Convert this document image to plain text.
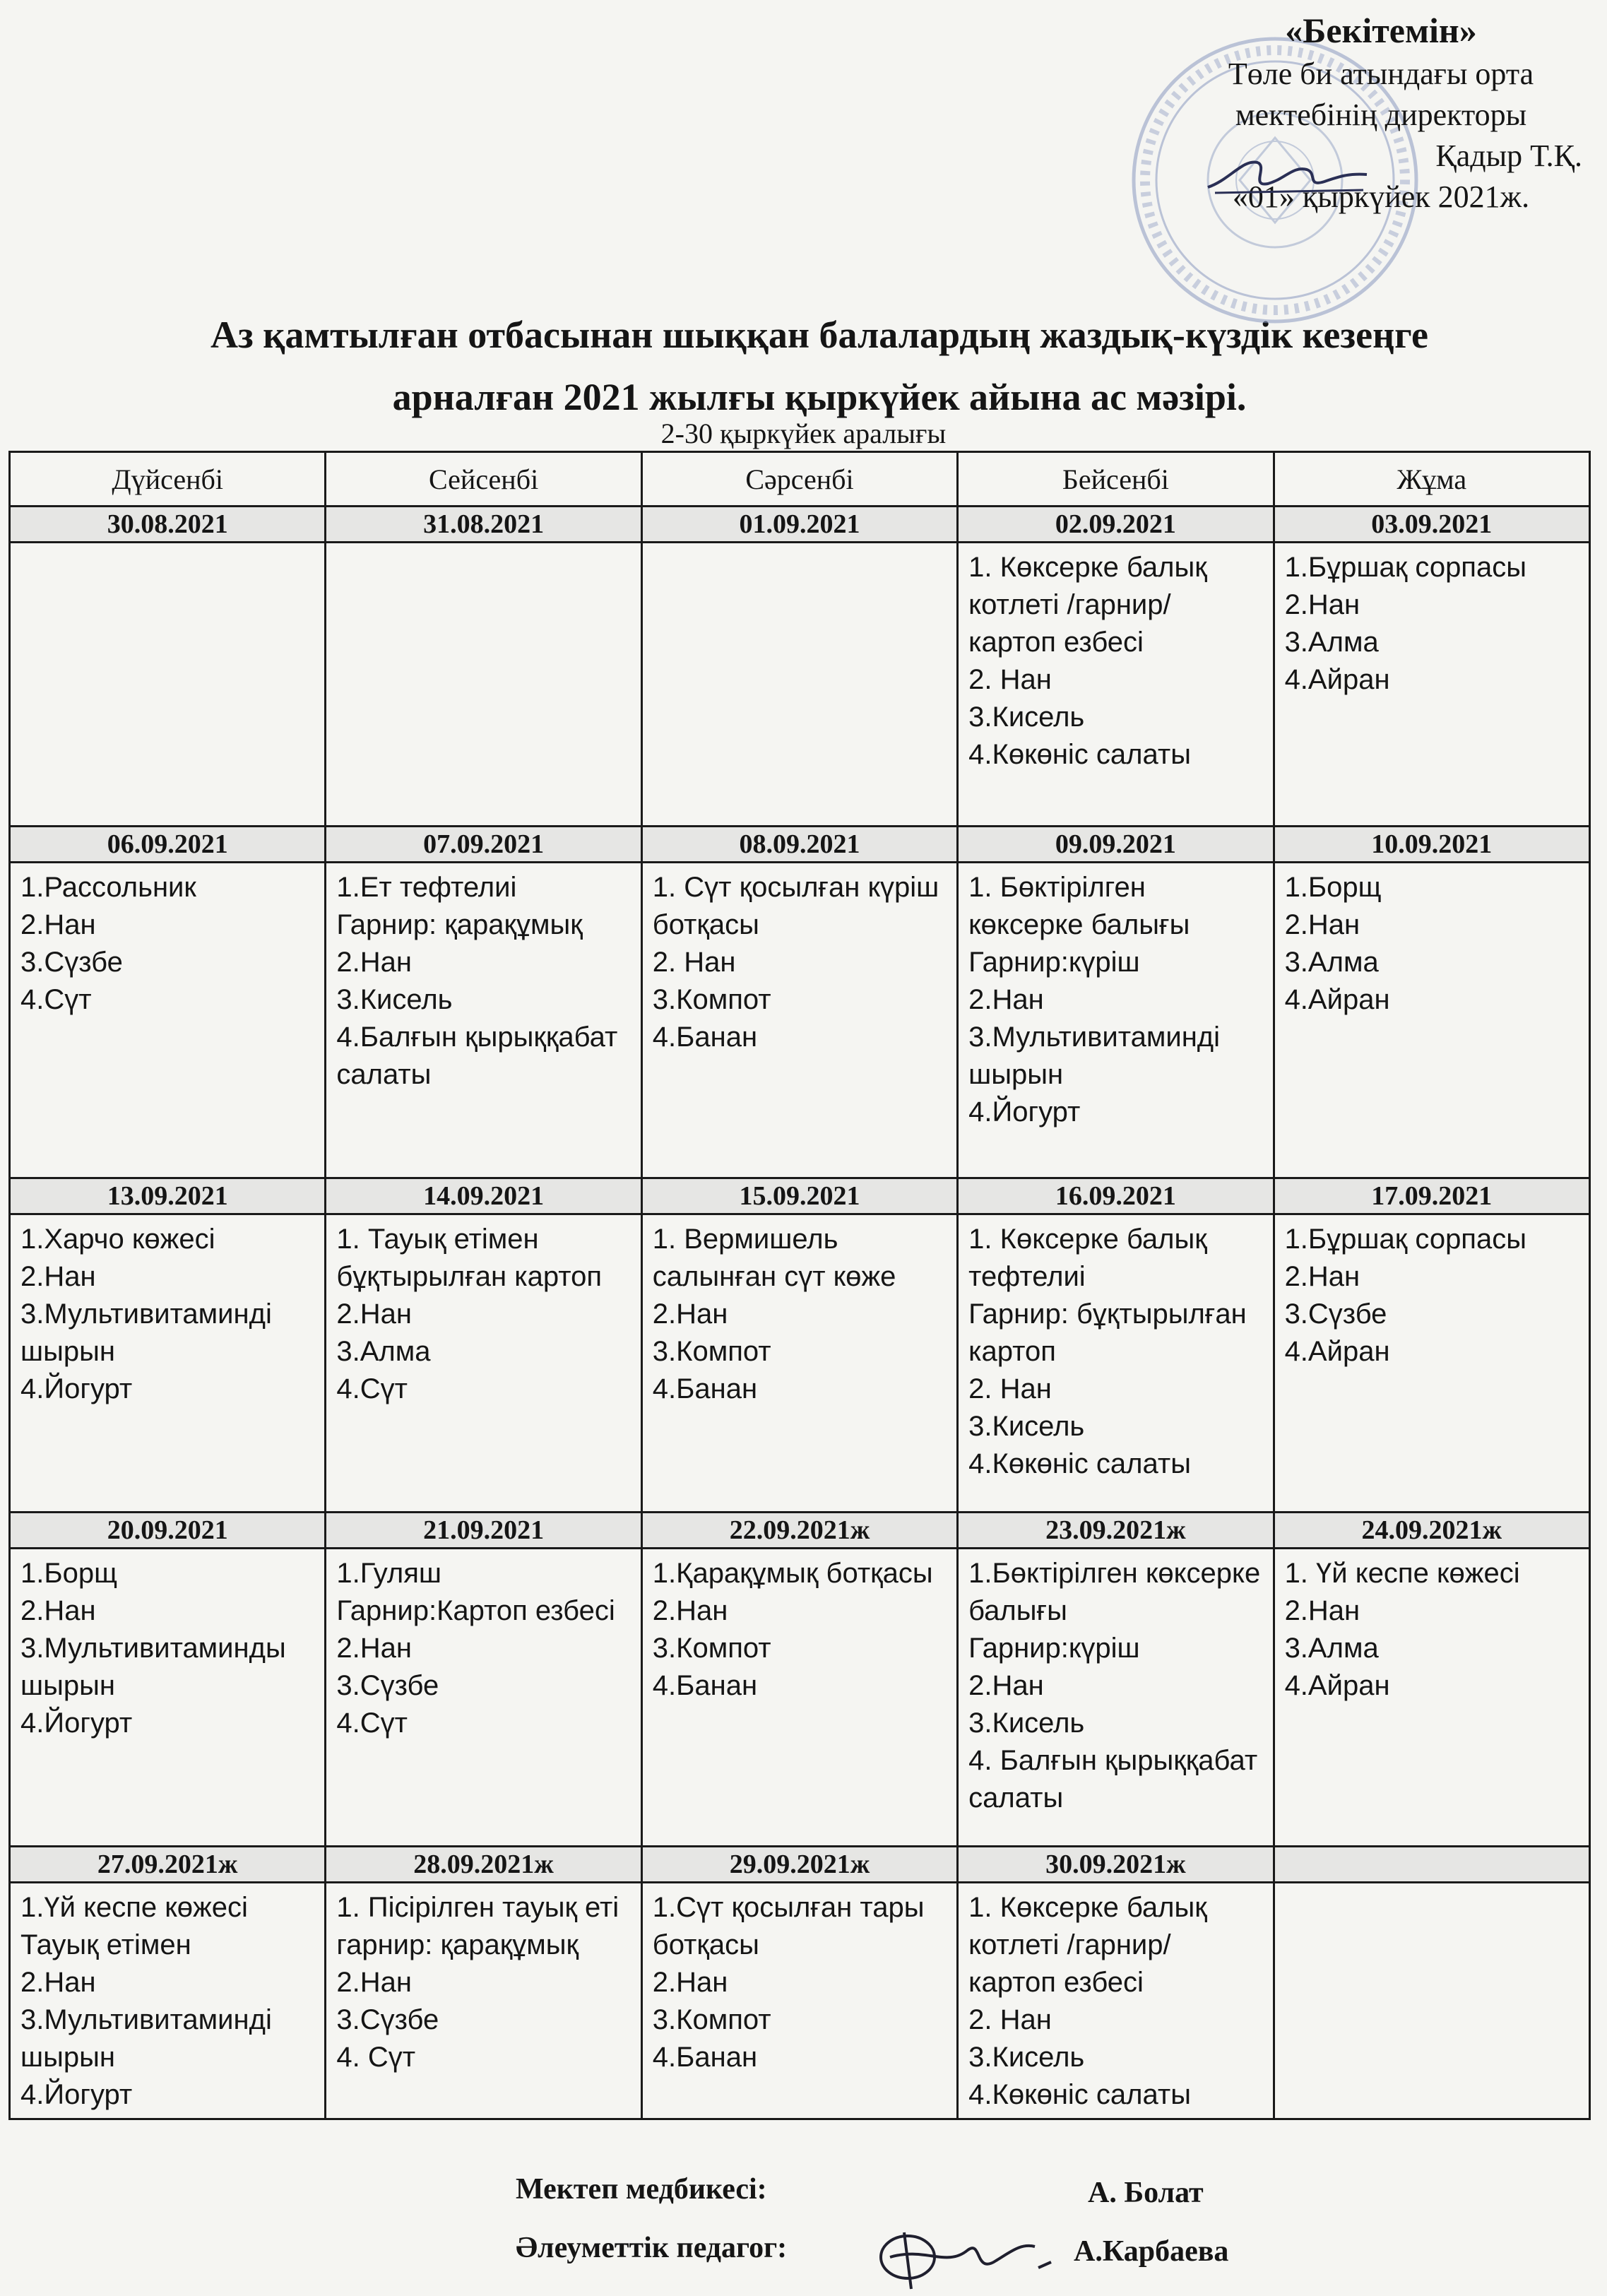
«Бекітемін»
Төле би атындағы орта
мектебінің директоры
Қадыр Т.Қ.
«01» қыркүйек 2021ж.
Аз қамтылған отбасынан шыққан балалардың жаздық-күздік кезеңге
арналған 2021 жылғы қыркүйек айына ас мәзірі.
2-30 қыркүйек аралығы
Дүйсенбі	Сейсенбі	Сәрсенбі	Бейсенбі	Жұма
30.08.2021	31.08.2021	01.09.2021	02.09.2021	03.09.2021

			1. Көксерке балық котлеті /гарнир/ картоп езбесі
2. Нан
3.Кисель
4.Көкөніс салаты	1.Бұршақ сорпасы
2.Нан
3.Алма
4.Айран

06.09.2021	07.09.2021	08.09.2021	09.09.2021	10.09.2021

1.Рассольник
2.Нан
3.Сүзбе
4.Сүт	1.Ет тефтелиі
Гарнир: қарақұмық
2.Нан
3.Кисель
4.Балғын қырыққабат салаты	1. Сүт қосылған күріш ботқасы
2. Нан
3.Компот
4.Банан	1. Бөктірілген көксерке балығы
Гарнир:күріш
2.Нан
3.Мультивитаминді шырын
4.Йогурт	1.Борщ
2.Нан
3.Алма
4.Айран

13.09.2021	14.09.2021	15.09.2021	16.09.2021	17.09.2021

1.Харчо көжесі
2.Нан
3.Мультивитаминді шырын
4.Йогурт	1. Тауық етімен бұқтырылған картоп
2.Нан
3.Алма
4.Сүт	1. Вермишель салынған сүт көже
2.Нан
3.Компот
4.Банан	1. Көксерке балық тефтелиі
Гарнир: бұқтырылған картоп
2. Нан
3.Кисель
4.Көкөніс салаты	1.Бұршақ сорпасы
2.Нан
3.Сүзбе
4.Айран

20.09.2021	21.09.2021	22.09.2021ж	23.09.2021ж	24.09.2021ж

1.Борщ
2.Нан
3.Мультивитаминды шырын
4.Йогурт	1.Гуляш
Гарнир:Картоп езбесі
2.Нан
3.Сүзбе
4.Сүт	1.Қарақұмық ботқасы
2.Нан
3.Компот
4.Банан	1.Бөктірілген көксерке балығы
Гарнир:күріш
2.Нан
3.Кисель
4. Балғын қырыққабат салаты	1. Үй кеспе көжесі
2.Нан
3.Алма
4.Айран

27.09.2021ж	28.09.2021ж	29.09.2021ж	30.09.2021ж	

1.Үй кеспе көжесі
Тауық етімен
2.Нан
3.Мультивитаминді шырын
4.Йогурт	1. Пісірілген тауық еті гарнир: қарақұмық
2.Нан
3.Сүзбе
4. Сүт	1.Сүт қосылған тары ботқасы
2.Нан
3.Компот
4.Банан	1. Көксерке балық котлеті /гарнир/ картоп езбесі
2. Нан
3.Кисель
4.Көкөніс салаты	

Мектеп медбикесі:	А. Болат
Әлеуметтік педагог:	А.Карбаева
